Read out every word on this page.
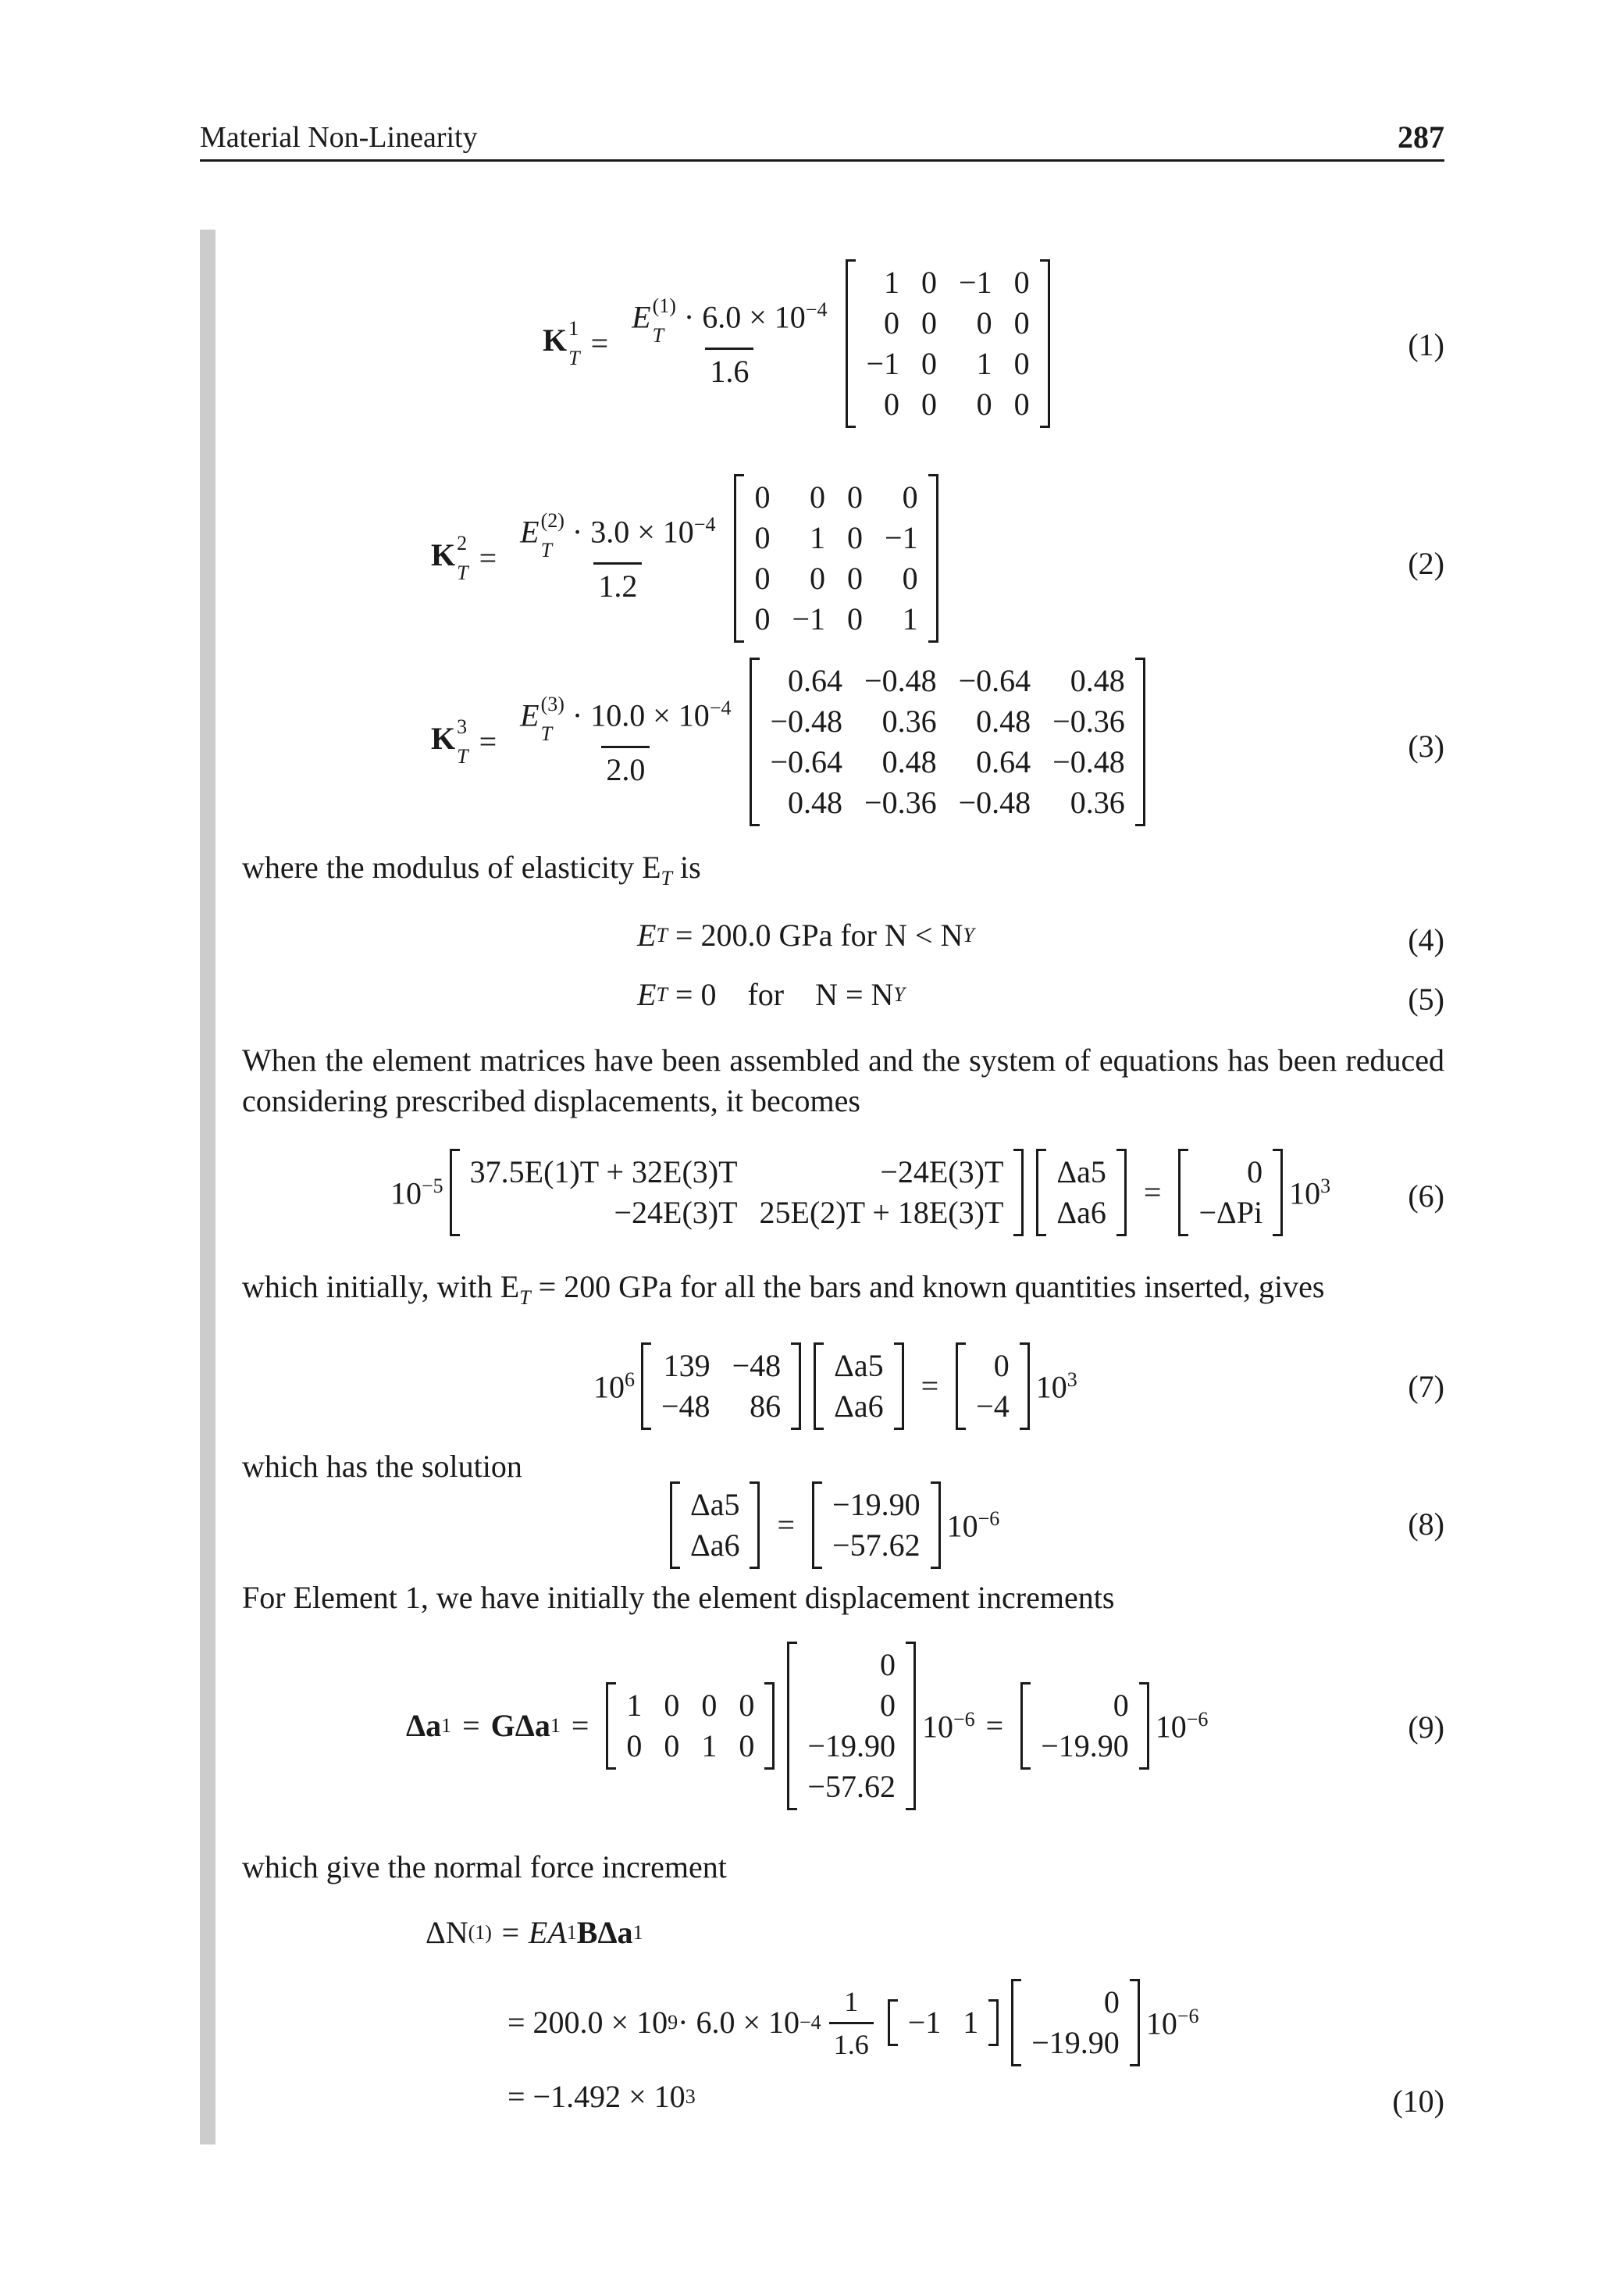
Material Non-Linearity	287
K 1
T = E (1)
T
· $6.0 \times 10^{-4}$
1.6
1	0	−1	0
0	0	0	0
−1	0	1	0
0	0	0	0
(1)
K 2
T = E (2)
T
· $3.0 \times 10^{-4}$
1.2
0	0	0	0
0	1	0	−1
0	0	0	0
0	−1	0	1
(2)
K 3
T = E (3)
T
· $10.0 \times 10^{-4}$
2.0
0.64	−0.48	−0.64	0.48
−0.48	0.36	0.48	−0.36
−0.64	0.48	0.64	−0.48
0.48	−0.36	−0.48	0.36
(3)
where the modulus of elasticity $E_T$ is
E T
= 200.0 GPa for N < N Y	(4)
E T
= 0    for    N = N Y	(5)
When the element matrices have been assembled and the system of equations has been reduced considering prescribed displacements, it becomes
$10^{-5}$ 37.5E(1)T + 32E(3)T	−24E(3)T
−24E(3)T	25E(2)T + 18E(3)T
Δa5
Δa6
=
0
−ΔPi
$10^3$ (6)
which initially, with $E_T = 200$ GPa for all the bars and known quantities inserted, gives
$10^6$ 139	−48
−48	86
Δa5
Δa6
=
0
−4
$10^3$	(7)
which has the solution
Δa5
Δa6
=
−19.90
−57.62
$10^{-6}$	(8)
For Element 1, we have initially the element displacement increments
Δa 1 = GΔa 1 =
1	0	0	0
0	0	1	0
0
0
−19.90
−57.62
$10^{-6}$ =
0
−19.90
$10^{-6}$	(9)
which give the normal force increment
ΔN (1)
= EA 1 BΔa 1
= 200.0 × 10 $9 \cdot 6.0 \times 10 -4 \frac{1}{1.6} -1$	1
0
−19.90
$10^{-6}$
= −1.492 × 10 3	(10)
